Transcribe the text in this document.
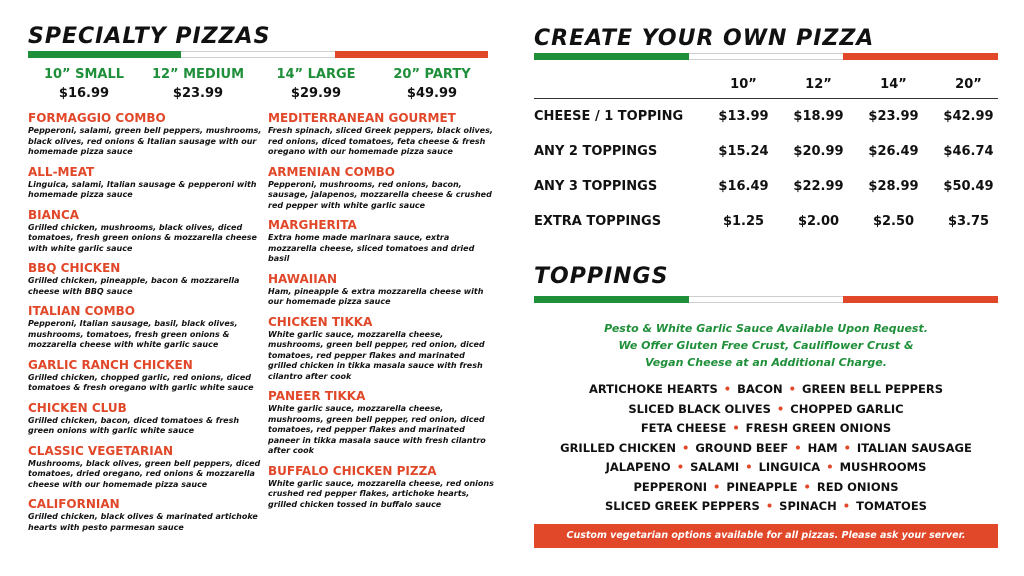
SPECIALTY PIZZAS
10” SMALL
$16.99
12” MEDIUM
$23.99
14” LARGE
$29.99
20” PARTY
$49.99
FORMAGGIO COMBO
Pepperoni, salami, green bell peppers, mushrooms, black olives, red onions & Italian sausage with our homemade pizza sauce
ALL-MEAT
Linguica, salami, Italian sausage & pepperoni with homemade pizza sauce
BIANCA
Grilled chicken, mushrooms, black olives, diced tomatoes, fresh green onions & mozzarella cheese with white garlic sauce
BBQ CHICKEN
Grilled chicken, pineapple, bacon & mozzarella cheese with BBQ sauce
ITALIAN COMBO
Pepperoni, Italian sausage, basil, black olives, mushrooms, tomatoes, fresh green onions & mozzarella cheese with white garlic sauce
GARLIC RANCH CHICKEN
Grilled chicken, chopped garlic, red onions, diced tomatoes & fresh oregano with garlic white sauce
CHICKEN CLUB
Grilled chicken, bacon, diced tomatoes & fresh green onions with garlic white sauce
CLASSIC VEGETARIAN
Mushrooms, black olives, green bell peppers, diced tomatoes, dried oregano, red onions & mozzarella cheese with our homemade pizza sauce
CALIFORNIAN
Grilled chicken, black olives & marinated artichoke hearts with pesto parmesan sauce
MEDITERRANEAN GOURMET
Fresh spinach, sliced Greek peppers, black olives, red onions, diced tomatoes, feta cheese & fresh oregano with our homemade pizza sauce
ARMENIAN COMBO
Pepperoni, mushrooms, red onions, bacon, sausage, jalapenos, mozzarella cheese & crushed red pepper with white garlic sauce
MARGHERITA
Extra home made marinara sauce, extra mozzarella cheese, sliced tomatoes and dried basil
HAWAIIAN
Ham, pineapple & extra mozzarella cheese with our homemade pizza sauce
CHICKEN TIKKA
White garlic sauce, mozzarella cheese, mushrooms, green bell pepper, red onion, diced tomatoes, red pepper flakes and marinated grilled chicken in tikka masala sauce with fresh cilantro after cook
PANEER TIKKA
White garlic sauce, mozzarella cheese, mushrooms, green bell pepper, red onion, diced tomatoes, red pepper flakes and marinated paneer in tikka masala sauce with fresh cilantro after cook
BUFFALO CHICKEN PIZZA
White garlic sauce, mozzarella cheese, red onions crushed red pepper flakes, artichoke hearts, grilled chicken tossed in buffalo sauce
CREATE YOUR OWN PIZZA
	10”	12”	14”	20”
CHEESE / 1 TOPPING	$13.99	$18.99	$23.99	$42.99
ANY 2 TOPPINGS	$15.24	$20.99	$26.49	$46.74
ANY 3 TOPPINGS	$16.49	$22.99	$28.99	$50.49
EXTRA TOPPINGS	$1.25	$2.00	$2.50	$3.75
TOPPINGS
Pesto & White Garlic Sauce Available Upon Request.
We Offer Gluten Free Crust, Cauliflower Crust &
Vegan Cheese at an Additional Charge.
ARTICHOKE HEARTS • BACON • GREEN BELL PEPPERS
SLICED BLACK OLIVES • CHOPPED GARLIC
FETA CHEESE • FRESH GREEN ONIONS
GRILLED CHICKEN • GROUND BEEF • HAM • ITALIAN SAUSAGE
JALAPENO • SALAMI • LINGUICA • MUSHROOMS
PEPPERONI • PINEAPPLE • RED ONIONS
SLICED GREEK PEPPERS • SPINACH • TOMATOES
Custom vegetarian options available for all pizzas. Please ask your server.
